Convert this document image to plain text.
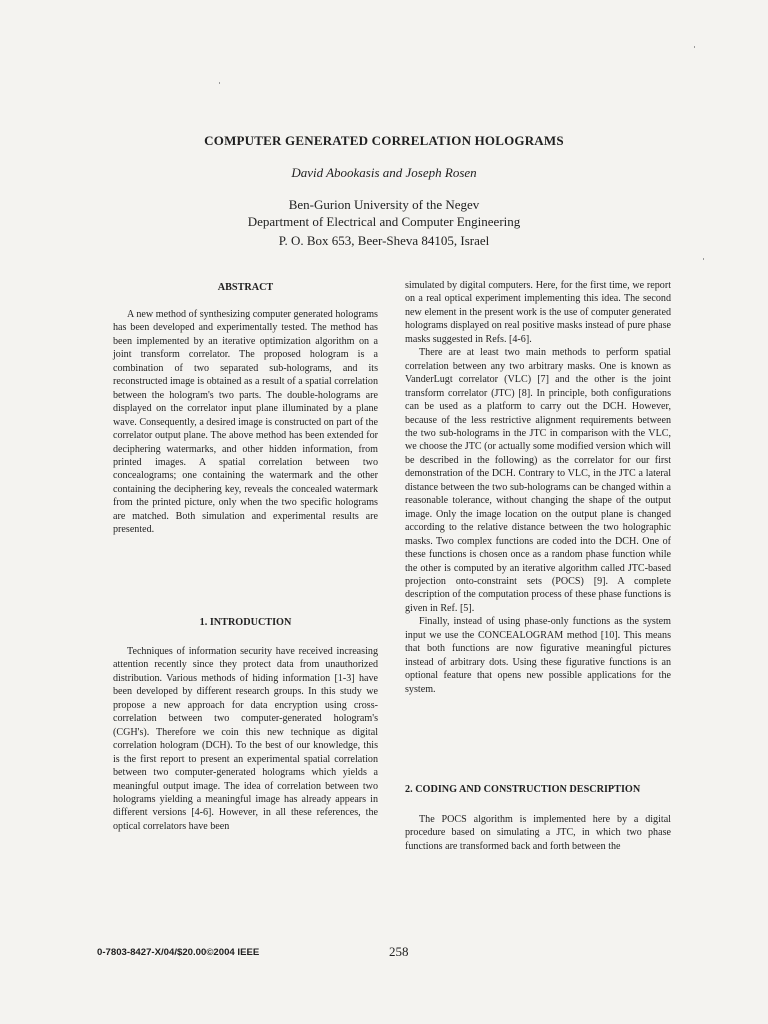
COMPUTER GENERATED CORRELATION HOLOGRAMS
David Abookasis and Joseph Rosen
Ben-Gurion University of the Negev
Department of Electrical and Computer Engineering
P. O. Box 653, Beer-Sheva 84105, Israel
ABSTRACT

A new method of synthesizing computer generated holograms has been developed and experimentally tested. The method has been implemented by an iterative optimization algorithm on a joint transform correlator. The proposed hologram is a combination of two separated sub-holograms, and its reconstructed image is obtained as a result of a spatial correlation between the hologram's two parts. The double-holograms are displayed on the correlator input plane illuminated by a plane wave. Consequently, a desired image is constructed on part of the correlator output plane. The above method has been extended for deciphering watermarks, and other hidden information, from printed images. A spatial correlation between two concealograms; one containing the watermark and the other containing the deciphering key, reveals the concealed watermark from the printed picture, only when the two specific holograms are matched. Both simulation and experimental results are presented.

1. INTRODUCTION

Techniques of information security have received increasing attention recently since they protect data from unauthorized distribution. Various methods of hiding information [1-3] have been developed by different research groups. In this study we propose a new approach for data encryption using cross-correlation between two computer-generated hologram's (CGH's). Therefore we coin this new technique as digital correlation hologram (DCH). To the best of our knowledge, this is the first report to present an experimental spatial correlation between two computer-generated holograms which yields a meaningful output image. The idea of correlation between two holograms yielding a meaningful image has already appears in different versions [4-6]. However, in all these references, the optical correlators have been

simulated by digital computers. Here, for the first time, we report on a real optical experiment implementing this idea. The second new element in the present work is the use of computer generated holograms displayed on real positive masks instead of pure phase masks suggested in Refs. [4-6].

There are at least two main methods to perform spatial correlation between any two arbitrary masks. One is known as VanderLugt correlator (VLC) [7] and the other is the joint transform correlator (JTC) [8]. In principle, both configurations can be used as a platform to carry out the DCH. However, because of the less restrictive alignment requirements between the two sub-holograms in the JTC in comparison with the VLC, we choose the JTC (or actually some modified version which will be described in the following) as the correlator for our first demonstration of the DCH. Contrary to VLC, in the JTC a lateral distance between the two sub-holograms can be changed within a reasonable tolerance, without changing the shape of the output image. Only the image location on the output plane is changed according to the relative distance between the two holographic masks. Two complex functions are coded into the DCH. One of these functions is chosen once as a random phase function while the other is computed by an iterative algorithm called JTC-based projection onto-constraint sets (POCS) [9]. A complete description of the computation process of these phase functions is given in Ref. [5].

Finally, instead of using phase-only functions as the system input we use the CONCEALOGRAM method [10]. This means that both functions are now figurative meaningful pictures instead of arbitrary dots. Using these figurative functions is an optional feature that opens new possible applications for the system.

2. CODING AND CONSTRUCTION DESCRIPTION

The POCS algorithm is implemented here by a digital procedure based on simulating a JTC, in which two phase functions are transformed back and forth between the

0-7803-8427-X/04/$20.00©2004 IEEE	258
